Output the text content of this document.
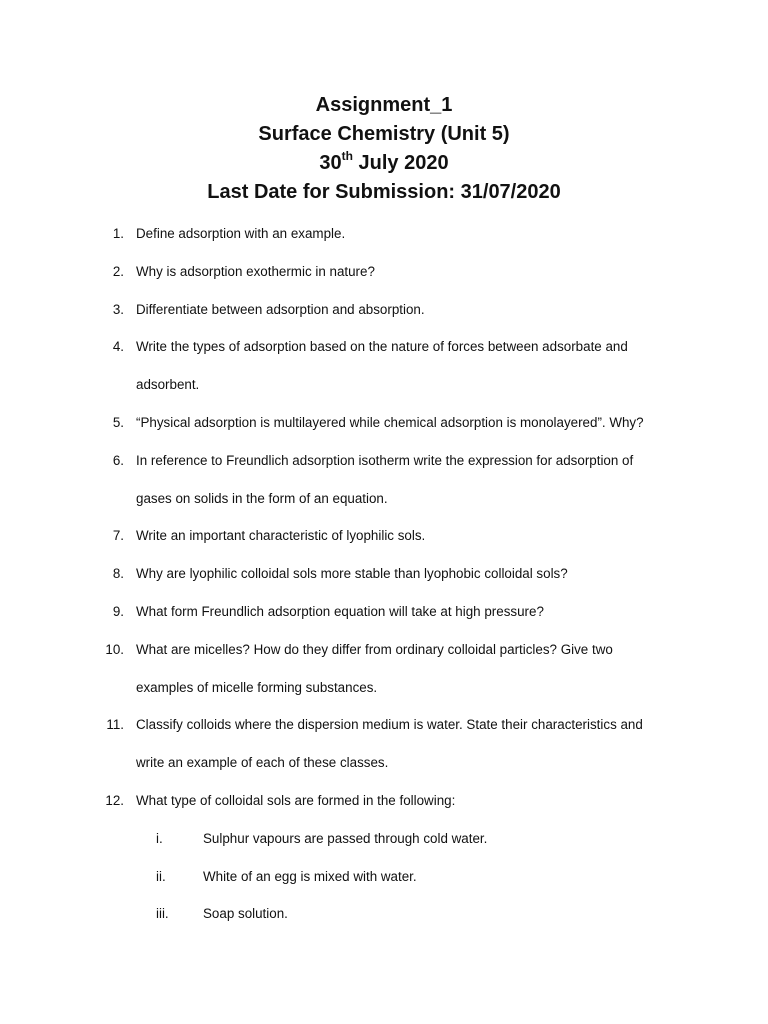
Assignment_1
Surface Chemistry (Unit 5)
30th July 2020
Last Date for Submission: 31/07/2020
1. Define adsorption with an example.
2. Why is adsorption exothermic in nature?
3. Differentiate between adsorption and absorption.
4. Write the types of adsorption based on the nature of forces between adsorbate and
adsorbent.
5. “Physical adsorption is multilayered while chemical adsorption is monolayered”. Why?
6. In reference to Freundlich adsorption isotherm write the expression for adsorption of
gases on solids in the form of an equation.
7. Write an important characteristic of lyophilic sols.
8. Why are lyophilic colloidal sols more stable than lyophobic colloidal sols?
9. What form Freundlich adsorption equation will take at high pressure?
10. What are micelles? How do they differ from ordinary colloidal particles? Give two
examples of micelle forming substances.
11. Classify colloids where the dispersion medium is water. State their characteristics and
write an example of each of these classes.
12. What type of colloidal sols are formed in the following:
i.	Sulphur vapours are passed through cold water.
ii.	White of an egg is mixed with water.
iii.	Soap solution.
